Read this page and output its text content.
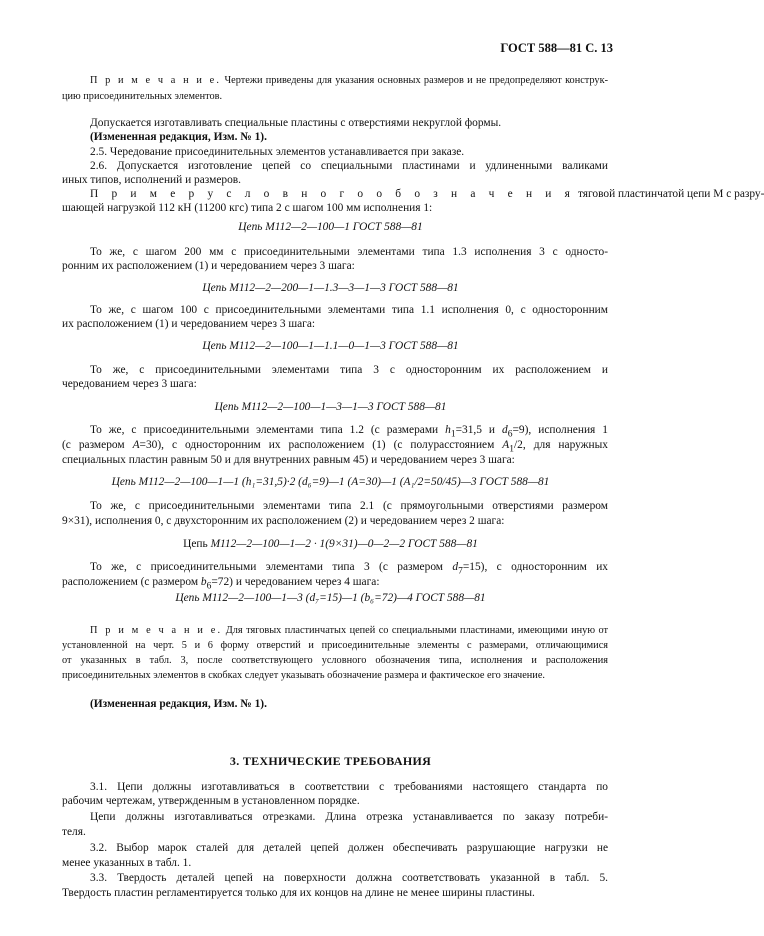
ГОСТ 588—81 С. 13
П р и м е ч а н и е. Чертежи приведены для указания основных размеров и не предопределяют конструк-
цию присоединительных элементов.
Допускается изготавливать специальные пластины с отверстиями некруглой формы.
(Измененная редакция, Изм. № 1).
2.5. Чередование присоединительных элементов устанавливается при заказе.
2.6. Допускается изготовление цепей со специальными пластинами и удлиненными валиками
иных типов, исполнений и размеров.
П р и м е р у с л о в н о г о о б о з н а ч е н и я тяговой пластинчатой цепи М с разру-
шающей нагрузкой 112 кН (11200 кгс) типа 2 с шагом 100 мм исполнения 1:
Цепь М112—2—100—1 ГОСТ 588—81
То же, с шагом 200 мм с присоединительными элементами типа 1.3 исполнения 3 с односто-
ронним их расположением (1) и чередованием через 3 шага:
Цепь М112—2—200—1—1.3—3—1—3 ГОСТ 588—81
То же, с шагом 100 с присоединительными элементами типа 1.1 исполнения 0, с односторонним
их расположением (1) и чередованием через 3 шага:
Цепь М112—2—100—1—1.1—0—1—3 ГОСТ 588—81
То же, с присоединительными элементами типа 3 с односторонним их расположением и
чередованием через 3 шага:
Цепь М112—2—100—1—3—1—3 ГОСТ 588—81
То же, с присоединительными элементами типа 1.2 (с размерами $h_1=31,5$ и $d_6=9$), исполнения 1
(с размером A=30), с односторонним их расположением (1) (с полурасстоянием $A_1/2$, для наружных
специальных пластин равным 50 и для внутренних равным 45) и чередованием через 3 шага:
Цепь М112—2—100—1—1 (h₁=31,5)·2 (d₆=9)—1 (A=30)—1 (A₁/2=50/45)—3 ГОСТ 588—81
То же, с присоединительными элементами типа 2.1 (с прямоугольными отверстиями размером
9×31), исполнения 0, с двухсторонним их расположением (2) и чередованием через 2 шага:
Цепь М112—2—100—1—2 · 1(9×31)—0—2—2 ГОСТ 588—81
То же, с присоединительными элементами типа 3 (с размером $d_7=15$), с односторонним их
расположением (с размером $b_6=72$) и чередованием через 4 шага:
Цепь М112—2—100—1—3 (d₇=15)—1 (b₆=72)—4 ГОСТ 588—81
П р и м е ч а н и е. Для тяговых пластинчатых цепей со специальными пластинами, имеющими иную от
установленной на черт. 5 и 6 форму отверстий и присоединительные элементы с размерами, отличающимися
от указанных в табл. 3, после соответствующего условного обозначения типа, исполнения и расположения
присоединительных элементов в скобках следует указывать обозначение размера и фактическое его значение.
(Измененная редакция, Изм. № 1).
3. ТЕХНИЧЕСКИЕ ТРЕБОВАНИЯ
3.1. Цепи должны изготавливаться в соответствии с требованиями настоящего стандарта по
рабочим чертежам, утвержденным в установленном порядке.
Цепи должны изготавливаться отрезками. Длина отрезка устанавливается по заказу потреби-
теля.
3.2. Выбор марок сталей для деталей цепей должен обеспечивать разрушающие нагрузки не
менее указанных в табл. 1.
3.3. Твердость деталей цепей на поверхности должна соответствовать указанной в табл. 5.
Твердость пластин регламентируется только для их концов на длине не менее ширины пластины.
